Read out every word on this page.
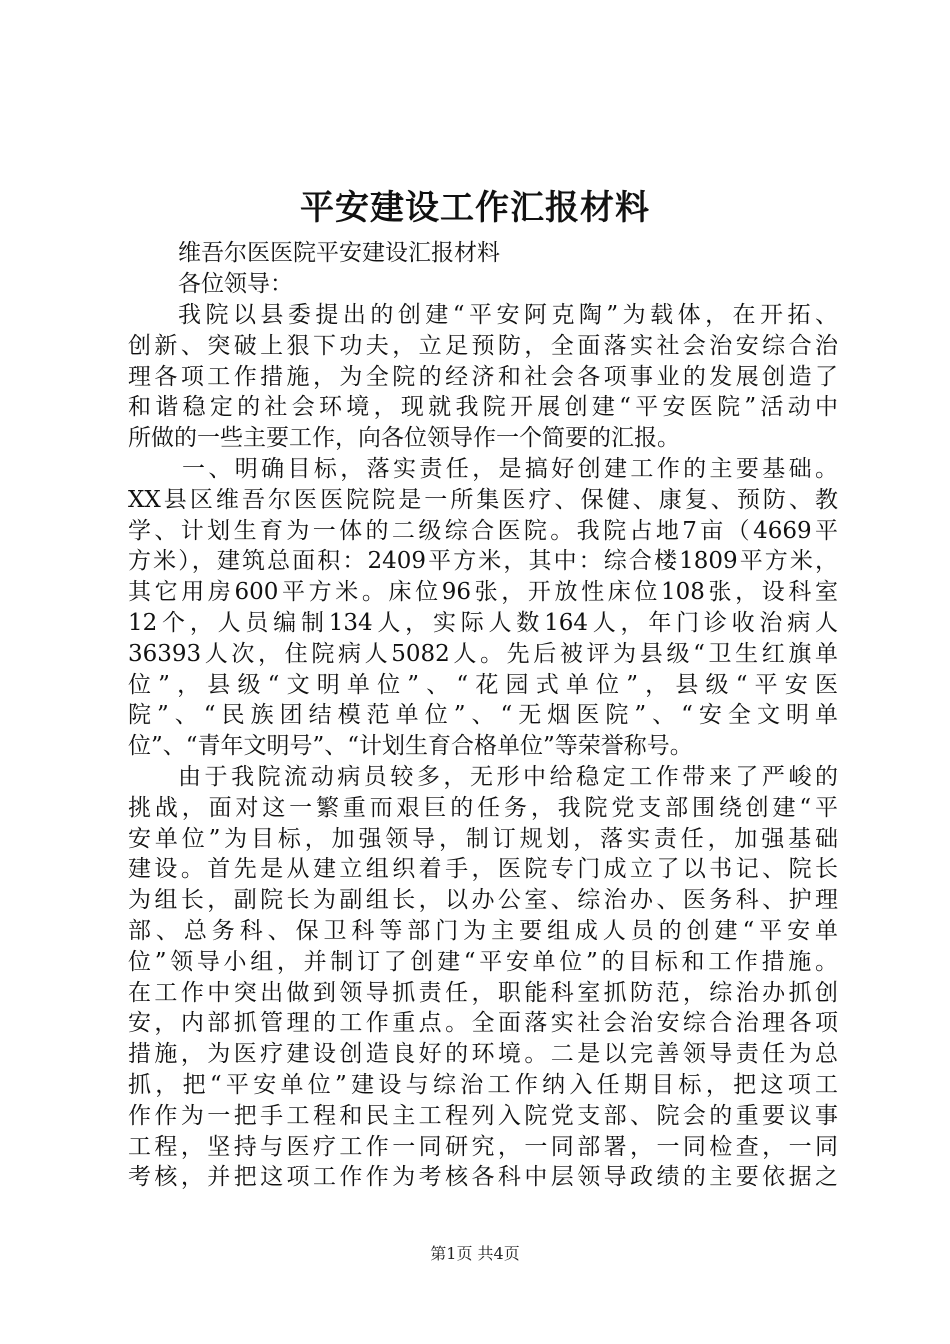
平安建设工作汇报材料
维吾尔医医院平安建设汇报材料
各位领导：
我院以县委提出的创建“平安阿克陶”为载体，在开拓、
创新、突破上狠下功夫，立足预防，全面落实社会治安综合治
理各项工作措施，为全院的经济和社会各项事业的发展创造了
和谐稳定的社会环境，现就我院开展创建“平安医院”活动中
所做的一些主要工作，向各位领导作一个简要的汇报。
一、明确目标，落实责任，是搞好创建工作的主要基础。
XX县区维吾尔医医院院是一所集医疗、保健、康复、预防、教
学、计划生育为一体的二级综合医院。我院占地7亩（4669平
方米），建筑总面积：2409平方米，其中：综合楼1809平方米，
其它用房600平方米。床位96张，开放性床位108张，设科室
12个，人员编制134人，实际人数164人，年门诊收治病人
36393人次，住院病人5082人。先后被评为县级“卫生红旗单
位”，县级“文明单位”、“花园式单位”，县级“平安医
院”、“民族团结模范单位”、“无烟医院”、“安全文明单
位”、“青年文明号”、“计划生育合格单位”等荣誉称号。
由于我院流动病员较多，无形中给稳定工作带来了严峻的
挑战，面对这一繁重而艰巨的任务，我院党支部围绕创建“平
安单位”为目标，加强领导，制订规划，落实责任，加强基础
建设。首先是从建立组织着手，医院专门成立了以书记、院长
为组长，副院长为副组长，以办公室、综治办、医务科、护理
部、总务科、保卫科等部门为主要组成人员的创建“平安单
位”领导小组，并制订了创建“平安单位”的目标和工作措施。
在工作中突出做到领导抓责任，职能科室抓防范，综治办抓创
安，内部抓管理的工作重点。全面落实社会治安综合治理各项
措施，为医疗建设创造良好的环境。二是以完善领导责任为总
抓，把“平安单位”建设与综治工作纳入任期目标，把这项工
作作为一把手工程和民主工程列入院党支部、院会的重要议事
工程，坚持与医疗工作一同研究，一同部署，一同检查，一同
考核，并把这项工作作为考核各科中层领导政绩的主要依据之
第1页 共4页
